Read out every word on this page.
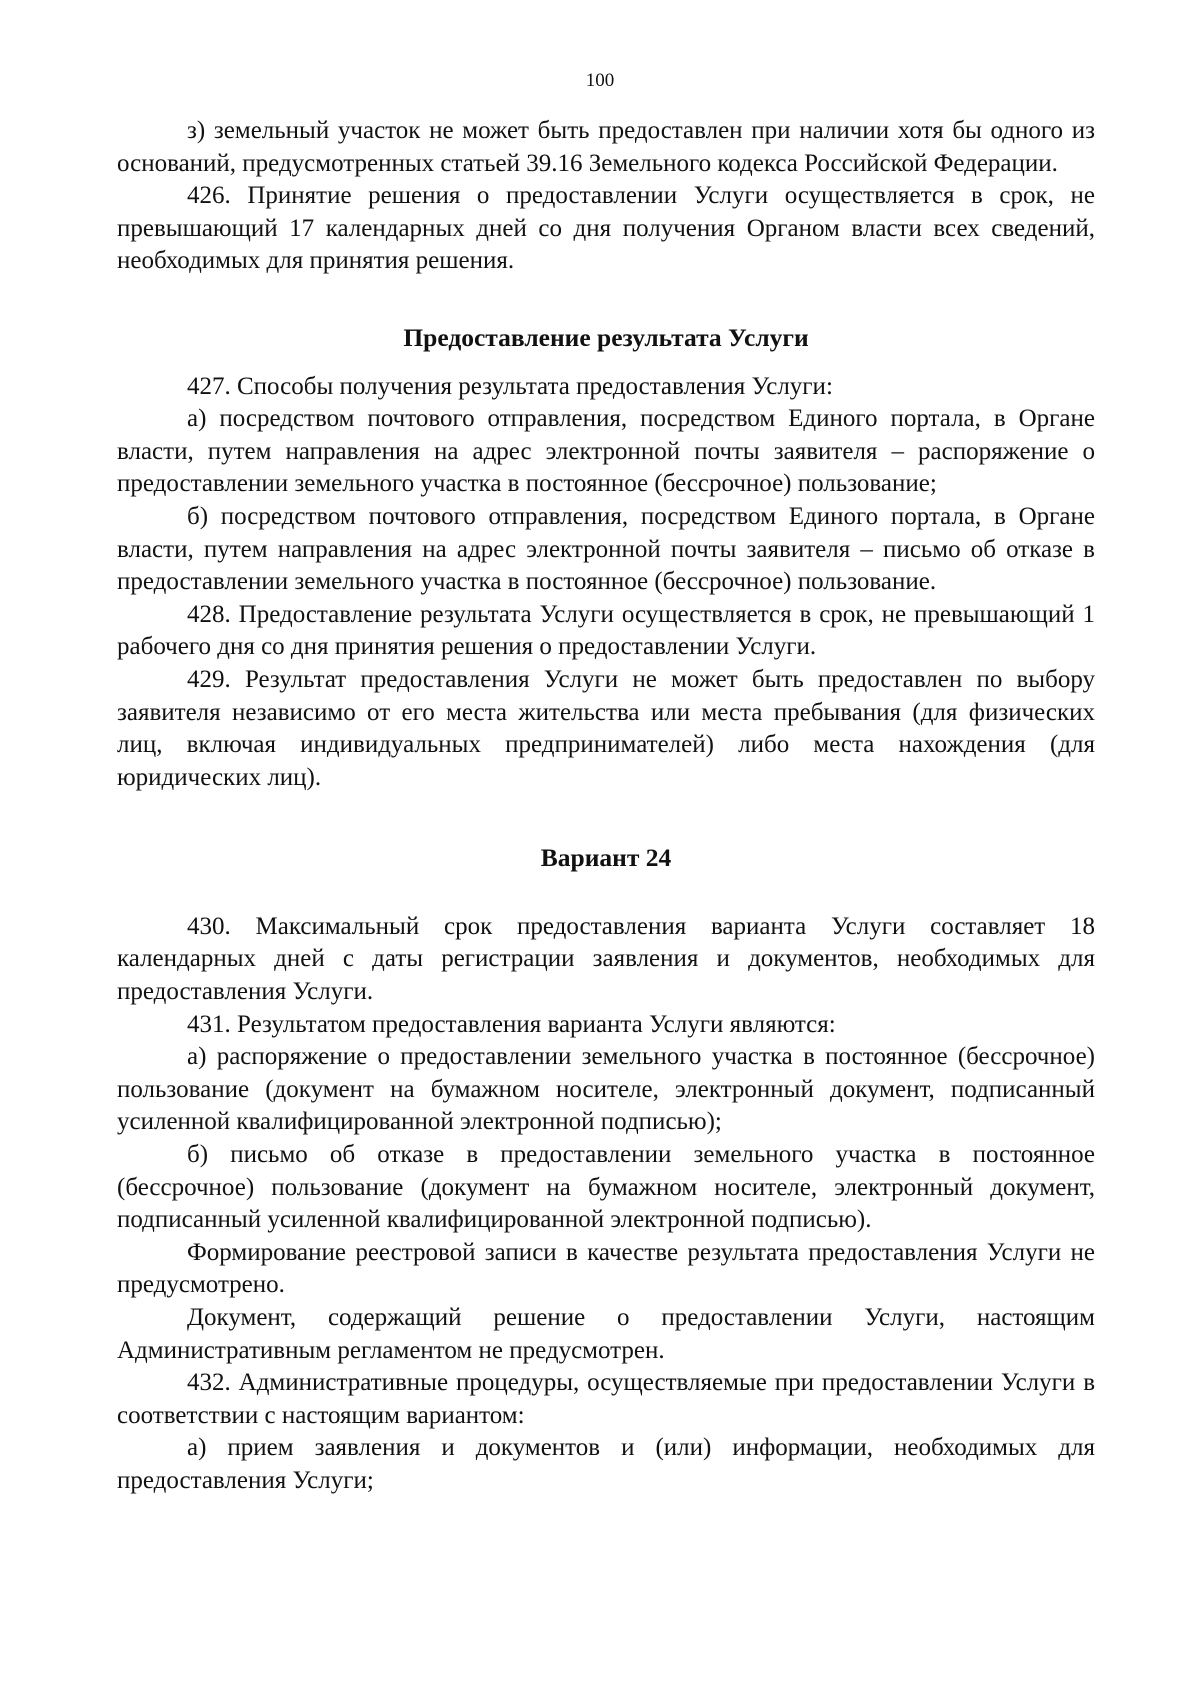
100

з) земельный участок не может быть предоставлен при наличии хотя бы одного из оснований, предусмотренных статьей 39.16 Земельного кодекса Российской Федерации.

426. Принятие решения о предоставлении Услуги осуществляется в срок, не превышающий 17 календарных дней со дня получения Органом власти всех сведений, необходимых для принятия решения.

Предоставление результата Услуги

427. Способы получения результата предоставления Услуги:

а) посредством почтового отправления, посредством Единого портала, в Органе власти, путем направления на адрес электронной почты заявителя – распоряжение о предоставлении земельного участка в постоянное (бессрочное) пользование;

б) посредством почтового отправления, посредством Единого портала, в Органе власти, путем направления на адрес электронной почты заявителя – письмо об отказе в предоставлении земельного участка в постоянное (бессрочное) пользование.

428. Предоставление результата Услуги осуществляется в срок, не превышающий 1 рабочего дня со дня принятия решения о предоставлении Услуги.

429. Результат предоставления Услуги не может быть предоставлен по выбору заявителя независимо от его места жительства или места пребывания (для физических лиц, включая индивидуальных предпринимателей) либо места нахождения (для юридических лиц).

Вариант 24

430. Максимальный срок предоставления варианта Услуги составляет 18 календарных дней с даты регистрации заявления и документов, необходимых для предоставления Услуги.

431. Результатом предоставления варианта Услуги являются:

а) распоряжение о предоставлении земельного участка в постоянное (бессрочное) пользование (документ на бумажном носителе, электронный документ, подписанный усиленной квалифицированной электронной подписью);

б) письмо об отказе в предоставлении земельного участка в постоянное (бессрочное) пользование (документ на бумажном носителе, электронный документ, подписанный усиленной квалифицированной электронной подписью).

Формирование реестровой записи в качестве результата предоставления Услуги не предусмотрено.

Документ, содержащий решение о предоставлении Услуги, настоящим Административным регламентом не предусмотрен.

432. Административные процедуры, осуществляемые при предоставлении Услуги в соответствии с настоящим вариантом:

а) прием заявления и документов и (или) информации, необходимых для предоставления Услуги;
